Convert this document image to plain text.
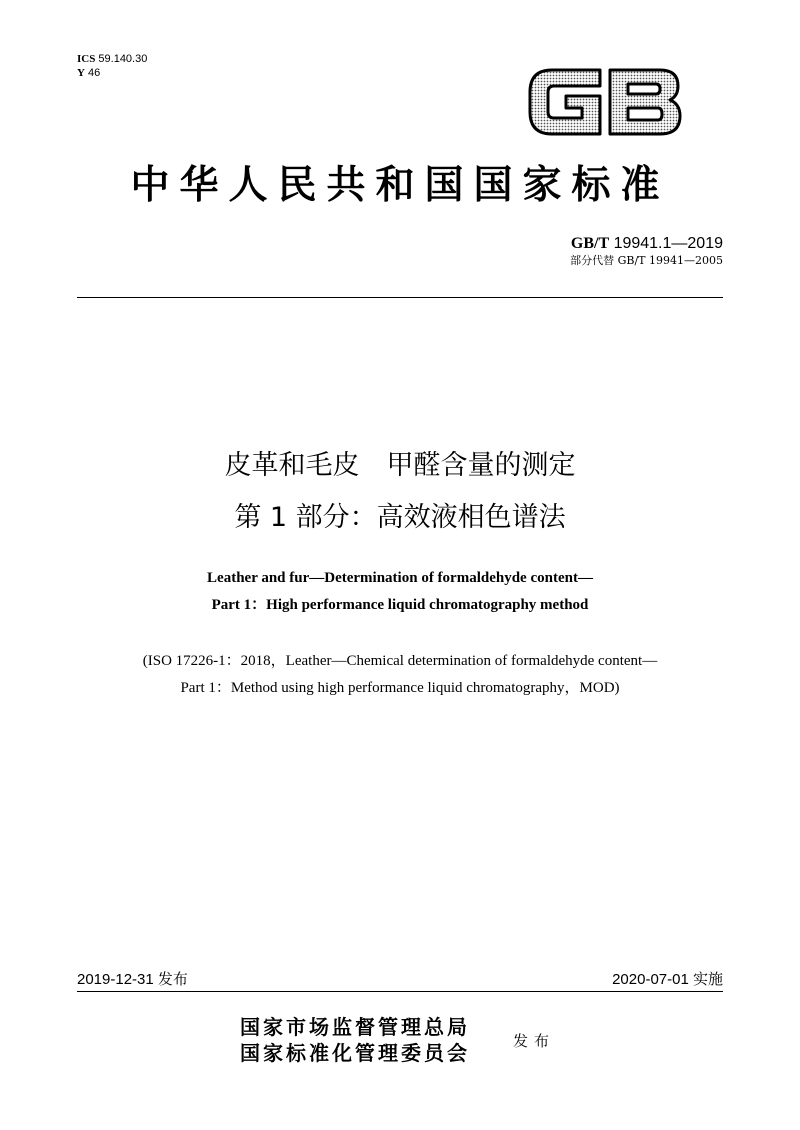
ICS 59.140.30
Y 46
中华人民共和国国家标准
GB/T 19941.1—2019
部分代替 GB/T 19941—2005
皮革和毛皮　甲醛含量的测定
第 1 部分：高效液相色谱法
Leather and fur—Determination of formaldehyde content—
Part 1：High performance liquid chromatography method
(ISO 17226-1：2018，Leather—Chemical determination of formaldehyde content—
Part 1：Method using high performance liquid chromatography，MOD)
2019-12-31 发布	2020-07-01 实施
国家市场监督管理总局
国家标准化管理委员会	发布
